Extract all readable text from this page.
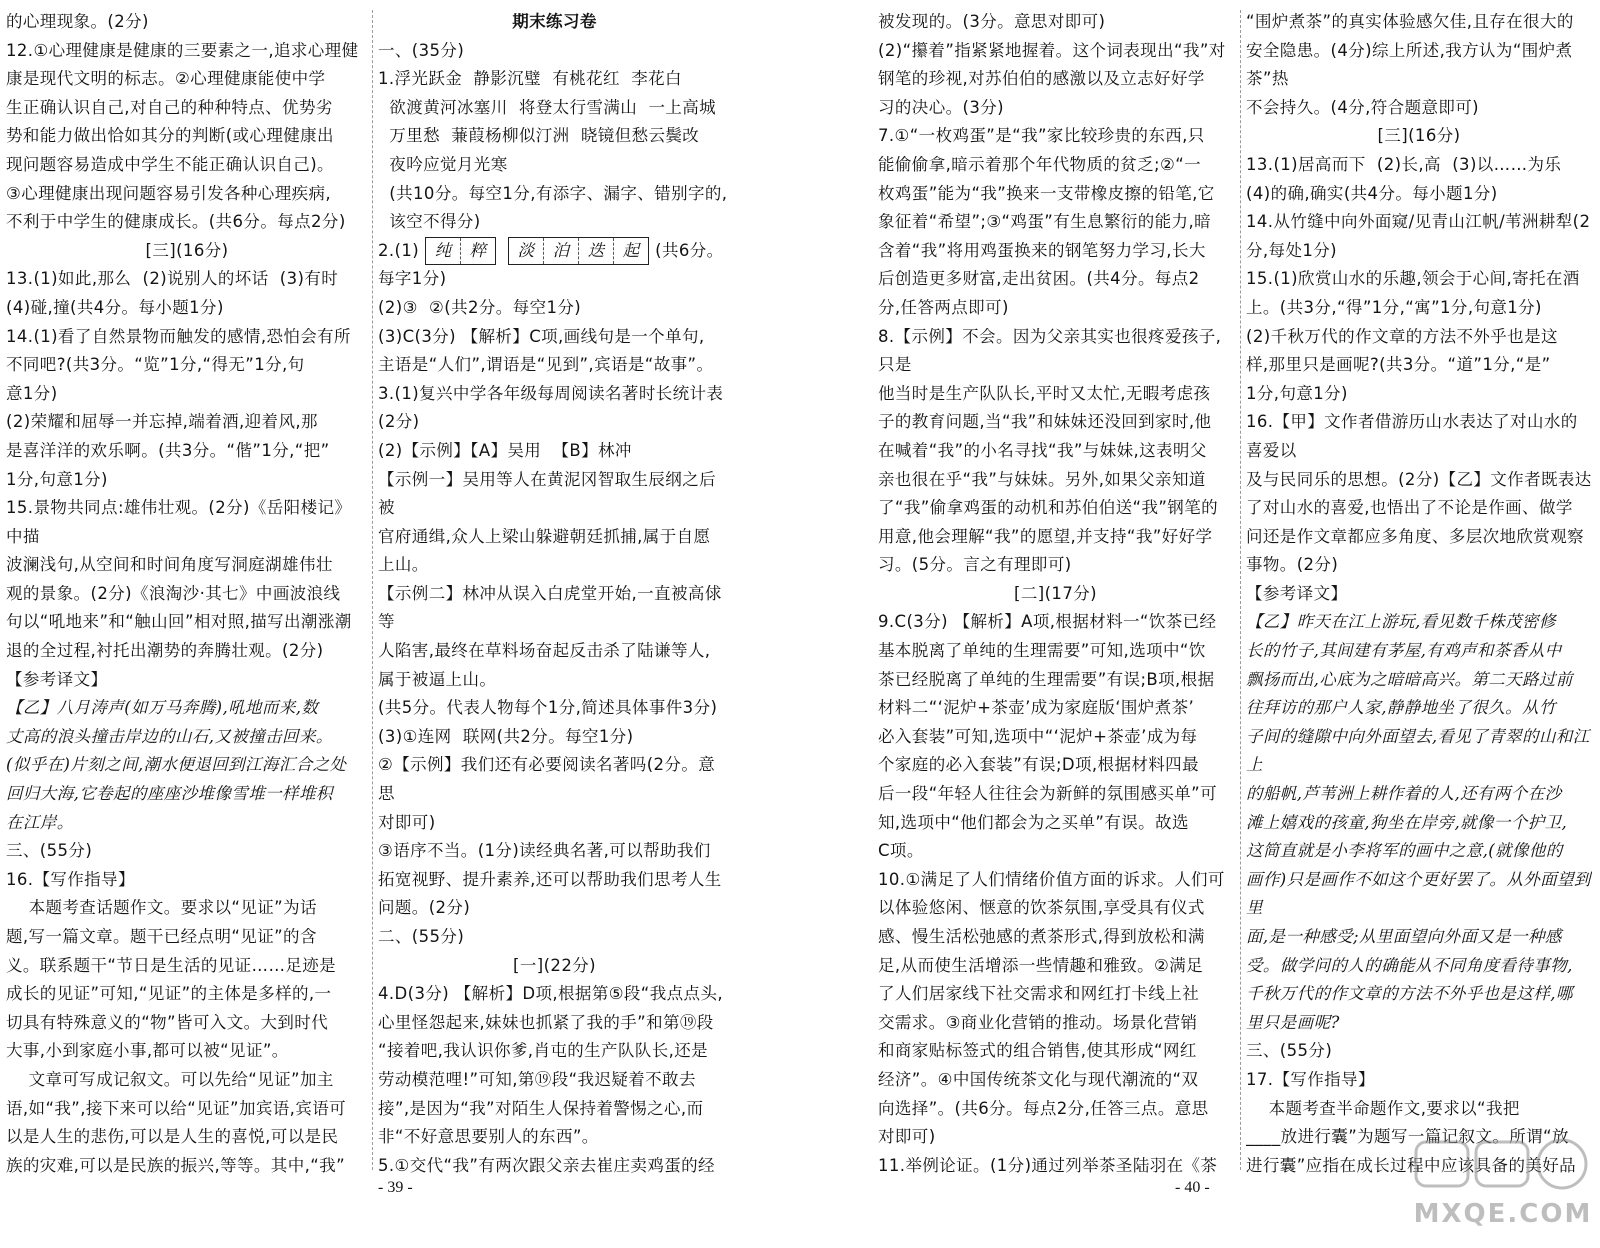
的心理现象。(2分)

12.①心理健康是健康的三要素之一,追求心理健

康是现代文明的标志。②心理健康能使中学

生正确认识自己,对自己的种种特点、优势劣

势和能力做出恰如其分的判断(或心理健康出

现问题容易造成中学生不能正确认识自己)。

③心理健康出现问题容易引发各种心理疾病,

不利于中学生的健康成长。(共6分。每点2分)

[三](16分)

13.(1)如此,那么  (2)说别人的坏话  (3)有时

(4)碰,撞(共4分。每小题1分)

14.(1)看了自然景物而触发的感情,恐怕会有所

不同吧?(共3分。“览”1分,“得无”1分,句

意1分)

(2)荣耀和屈辱一并忘掉,端着酒,迎着风,那

是喜洋洋的欢乐啊。(共3分。“偕”1分,“把”

1分,句意1分)

15.景物共同点:雄伟壮观。(2分)《岳阳楼记》中描

波澜浅句,从空间和时间角度写洞庭湖雄伟壮

观的景象。(2分)《浪淘沙·其七》中画波浪线

句以“吼地来”和“触山回”相对照,描写出潮涨潮

退的全过程,衬托出潮势的奔腾壮观。(2分)

【参考译文】

【乙】八月涛声(如万马奔腾),吼地而来,数

丈高的浪头撞击岸边的山石,又被撞击回来。

(似乎在)片刻之间,潮水便退回到江海汇合之处

回归大海,它卷起的座座沙堆像雪堆一样堆积

在江岸。

三、(55分)

16.【写作指导】

本题考查话题作文。要求以“见证”为话

题,写一篇文章。题干已经点明“见证”的含

义。联系题干“节日是生活的见证……足迹是

成长的见证”可知,“见证”的主体是多样的,一

切具有特殊意义的“物”皆可入文。大到时代

大事,小到家庭小事,都可以被“见证”。

文章可写成记叙文。可以先给“见证”加主

语,如“我”,接下来可以给“见证”加宾语,宾语可

以是人生的悲伤,可以是人生的喜悦,可以是民

族的灾难,可以是民族的振兴,等等。其中,“我”

期末练习卷

一、(35分)

1.浮光跃金  静影沉璧  有桃花红  李花白

欲渡黄河冰塞川  将登太行雪满山  一上高城

万里愁  蒹葭杨柳似汀洲  晓镜但愁云鬓改

夜吟应觉月光寒

(共10分。每空1分,有添字、漏字、错别字的,

该空不得分)

2.(1) 纯	粹	淡	泊	迭	起 (共6分。

每字1分)

(2)③  ②(共2分。每空1分)

(3)C(3分) 【解析】C项,画线句是一个单句,

主语是“人们”,谓语是“见到”,宾语是“故事”。

3.(1)复兴中学各年级每周阅读名著时长统计表

(2分)

(2)【示例】【A】吴用  【B】林冲

【示例一】吴用等人在黄泥冈智取生辰纲之后被

官府通缉,众人上梁山躲避朝廷抓捕,属于自愿

上山。

【示例二】林冲从误入白虎堂开始,一直被高俅等

人陷害,最终在草料场奋起反击杀了陆谦等人,

属于被逼上山。

(共5分。代表人物每个1分,简述具体事件3分)

(3)①连网  联网(共2分。每空1分)

②【示例】我们还有必要阅读名著吗(2分。意思

对即可)

③语序不当。(1分)读经典名著,可以帮助我们

拓宽视野、提升素养,还可以帮助我们思考人生

问题。(2分)

二、(55分)

[一](22分)

4.D(3分) 【解析】D项,根据第⑤段“我点点头,

心里怪怨起来,妹妹也抓紧了我的手”和第⑲段

“接着吧,我认识你爹,肖屯的生产队队长,还是

劳动模范哩!”可知,第⑲段“我迟疑着不敢去

接”,是因为“我”对陌生人保持着警惕之心,而

非“不好意思要别人的东西”。

5.①交代“我”有两次跟父亲去崔庄卖鸡蛋的经

被发现的。(3分。意思对即可)

(2)“攥着”指紧紧地握着。这个词表现出“我”对

钢笔的珍视,对苏伯伯的感激以及立志好好学

习的决心。(3分)

7.①“一枚鸡蛋”是“我”家比较珍贵的东西,只

能偷偷拿,暗示着那个年代物质的贫乏;②“一

枚鸡蛋”能为“我”换来一支带橡皮擦的铅笔,它

象征着“希望”;③“鸡蛋”有生息繁衍的能力,暗

含着“我”将用鸡蛋换来的钢笔努力学习,长大

后创造更多财富,走出贫困。(共4分。每点2

分,任答两点即可)

8.【示例】不会。因为父亲其实也很疼爱孩子,只是

他当时是生产队队长,平时又太忙,无暇考虑孩

子的教育问题,当“我”和妹妹还没回到家时,他

在喊着“我”的小名寻找“我”与妹妹,这表明父

亲也很在乎“我”与妹妹。另外,如果父亲知道

了“我”偷拿鸡蛋的动机和苏伯伯送“我”钢笔的

用意,他会理解“我”的愿望,并支持“我”好好学

习。(5分。言之有理即可)

[二](17分)

9.C(3分) 【解析】A项,根据材料一“饮茶已经

基本脱离了单纯的生理需要”可知,选项中“饮

茶已经脱离了单纯的生理需要”有误;B项,根据

材料二“‘泥炉+茶壶’成为家庭版‘围炉煮茶’

必入套装”可知,选项中“‘泥炉+茶壶’成为每

个家庭的必入套装”有误;D项,根据材料四最

后一段“年轻人往往会为新鲜的氛围感买单”可

知,选项中“他们都会为之买单”有误。故选

C项。

10.①满足了人们情绪价值方面的诉求。人们可

以体验悠闲、惬意的饮茶氛围,享受具有仪式

感、慢生活松弛感的煮茶形式,得到放松和满

足,从而使生活增添一些情趣和雅致。②满足

了人们居家线下社交需求和网红打卡线上社

交需求。③商业化营销的推动。场景化营销

和商家贴标签式的组合销售,使其形成“网红

经济”。④中国传统茶文化与现代潮流的“双

向选择”。(共6分。每点2分,任答三点。意思

对即可)

11.举例论证。(1分)通过列举茶圣陆羽在《茶

“围炉煮茶”的真实体验感欠佳,且存在很大的

安全隐患。(4分)综上所述,我方认为“围炉煮茶”热

不会持久。(4分,符合题意即可)

[三](16分)

13.(1)居高而下  (2)长,高  (3)以……为乐

(4)的确,确实(共4分。每小题1分)

14.从竹缝中向外面窥/见青山江帆/苇洲耕犁(2

分,每处1分)

15.(1)欣赏山水的乐趣,领会于心间,寄托在酒

上。(共3分,“得”1分,“寓”1分,句意1分)

(2)千秋万代的作文章的方法不外乎也是这

样,那里只是画呢?(共3分。“道”1分,“是”

1分,句意1分)

16.【甲】文作者借游历山水表达了对山水的喜爱以

及与民同乐的思想。(2分)【乙】文作者既表达

了对山水的喜爱,也悟出了不论是作画、做学

问还是作文章都应多角度、多层次地欣赏观察

事物。(2分)

【参考译文】

【乙】昨天在江上游玩,看见数千株茂密修

长的竹子,其间建有茅屋,有鸡声和茶香从中

飘扬而出,心底为之暗暗高兴。第二天路过前

往拜访的那户人家,静静地坐了很久。从竹

子间的缝隙中向外面望去,看见了青翠的山和江上

的船帆,芦苇洲上耕作着的人,还有两个在沙

滩上嬉戏的孩童,狗坐在岸旁,就像一个护卫,

这简直就是小李将军的画中之意,(就像他的

画作)只是画作不如这个更好罢了。从外面望到里

面,是一种感受;从里面望向外面又是一种感

受。做学问的人的确能从不同角度看待事物,

千秋万代的作文章的方法不外乎也是这样,哪

里只是画呢?

三、(55分)

17.【写作指导】

本题考查半命题作文,要求以“我把

____放进行囊”为题写一篇记叙文。所谓“放

进行囊”应指在成长过程中应该具备的美好品

- 39 -	- 40 -
MXQE.COM
